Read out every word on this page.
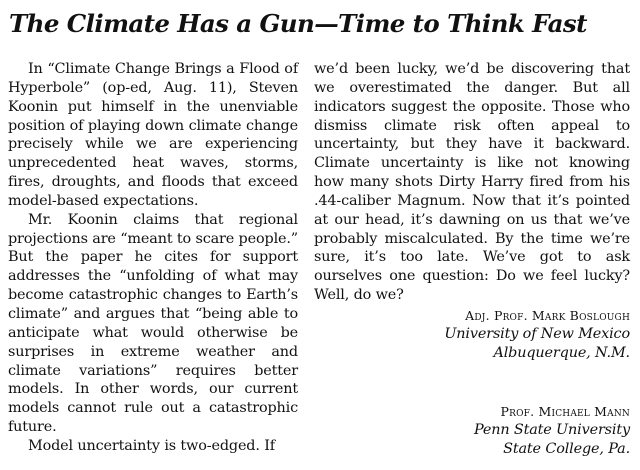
The Climate Has a Gun—Time to Think Fast

In “Climate Change Brings a Flood of Hyperbole” (op-ed, Aug. 11), Steven Koonin put himself in the unenviable position of playing down climate change precisely while we are experiencing unprecedented heat waves, storms, fires, droughts, and floods that exceed model-based expectations.

Mr. Koonin claims that regional projections are “meant to scare people.” But the paper he cites for support addresses the “unfolding of what may become catastrophic changes to Earth’s climate” and argues that “being able to anticipate what would otherwise be surprises in extreme weather and climate variations” requires better models. In other words, our current models cannot rule out a catastrophic future.

Model uncertainty is two-edged. If

we’d been lucky, we’d be discovering that we overestimated the danger. But all indicators suggest the opposite. Those who dismiss climate risk often appeal to uncertainty, but they have it backward. Climate uncertainty is like not knowing how many shots Dirty Harry fired from his .44-caliber Magnum. Now that it’s pointed at our head, it’s dawning on us that we’ve probably miscalculated. By the time we’re sure, it’s too late. We’ve got to ask ourselves one question: Do we feel lucky? Well, do we?

Adj. Prof. Mark Boslough
University of New Mexico
Albuquerque, N.M.
Prof. Michael Mann
Penn State University
State College, Pa.
